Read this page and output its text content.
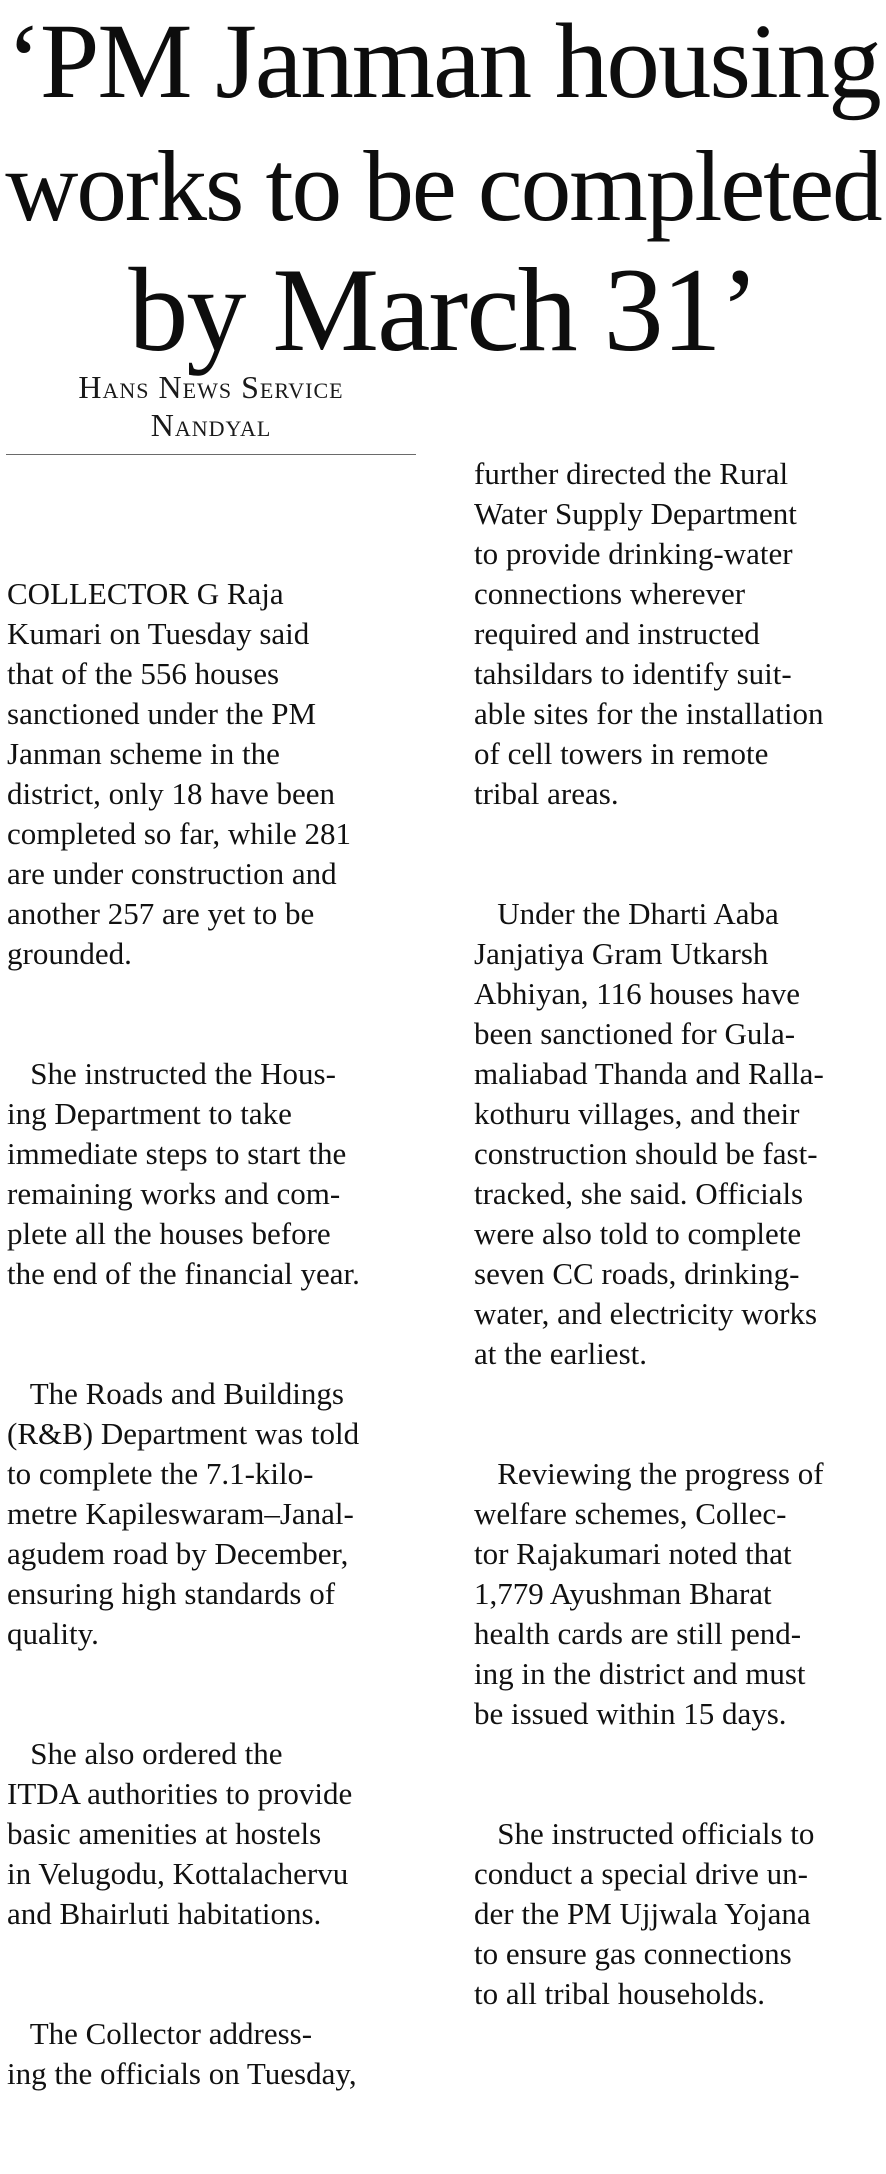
‘PM Janman housing
works to be completed
by March 31’
Hans News Service
Nandyal

COLLECTOR G Raja
Kumari on Tuesday said
that of the 556 houses
sanctioned under the PM
Janman scheme in the
district, only 18 have been
completed so far, while 281
are under construction and
another 257 are yet to be
grounded.

She instructed the Hous-
ing Department to take
immediate steps to start the
remaining works and com-
plete all the houses before
the end of the financial year.

The Roads and Buildings
(R&B) Department was told
to complete the 7.1-kilo-
metre Kapileswaram–Janal-
agudem road by December,
ensuring high standards of
quality.

She also ordered the
ITDA authorities to provide
basic amenities at hostels
in Velugodu, Kottalachervu
and Bhairluti habitations.

The Collector address-
ing the officials on Tuesday,

further directed the Rural
Water Supply Department
to provide drinking-water
connections wherever
required and instructed
tahsildars to identify suit-
able sites for the installation
of cell towers in remote
tribal areas.

Under the Dharti Aaba
Janjatiya Gram Utkarsh
Abhiyan, 116 houses have
been sanctioned for Gula-
maliabad Thanda and Ralla-
kothuru villages, and their
construction should be fast-
tracked, she said. Officials
were also told to complete
seven CC roads, drinking-
water, and electricity works
at the earliest.

Reviewing the progress of
welfare schemes, Collec-
tor Rajakumari noted that
1,779 Ayushman Bharat
health cards are still pend-
ing in the district and must
be issued within 15 days.

She instructed officials to
conduct a special drive un-
der the PM Ujjwala Yojana
to ensure gas connections
to all tribal households.
